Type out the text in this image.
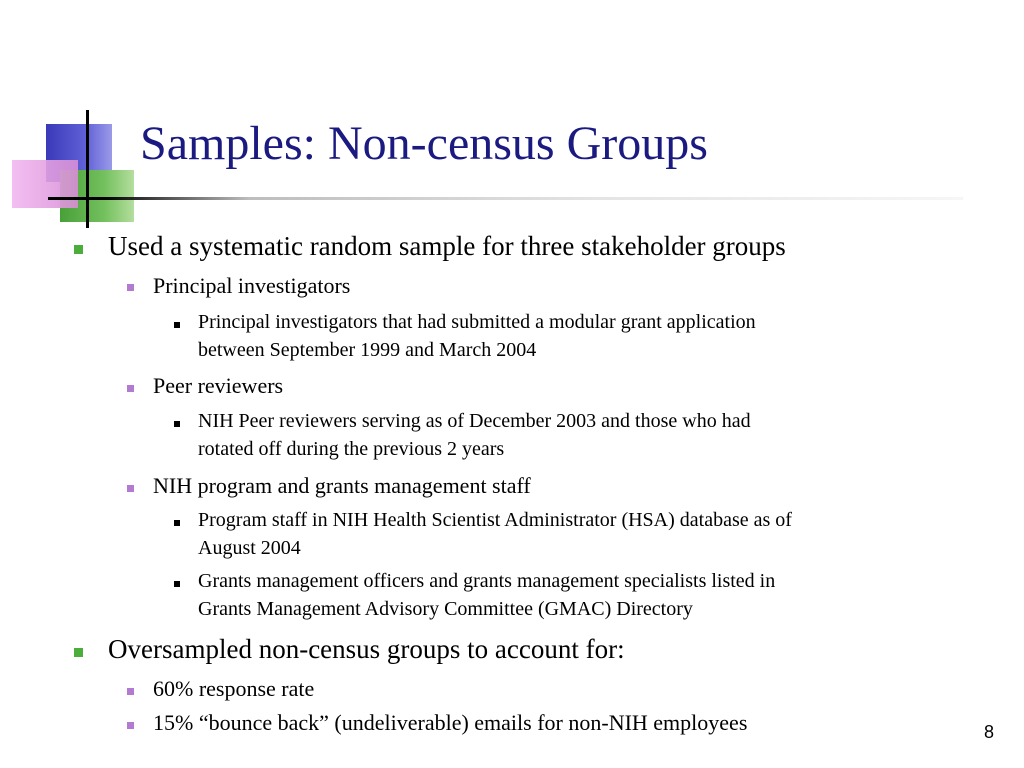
Samples: Non-census Groups
Used a systematic random sample for three stakeholder groups
Principal investigators
Principal investigators that had submitted a modular grant application
between September 1999 and March 2004
Peer reviewers
NIH Peer reviewers serving as of December 2003 and those who had
rotated off during the previous 2 years
NIH program and grants management staff
Program staff in NIH Health Scientist Administrator (HSA) database as of
August 2004
Grants management officers and grants management specialists listed in
Grants Management Advisory Committee (GMAC) Directory
Oversampled non-census groups to account for:
60% response rate
15% “bounce back” (undeliverable) emails for non-NIH employees	8
